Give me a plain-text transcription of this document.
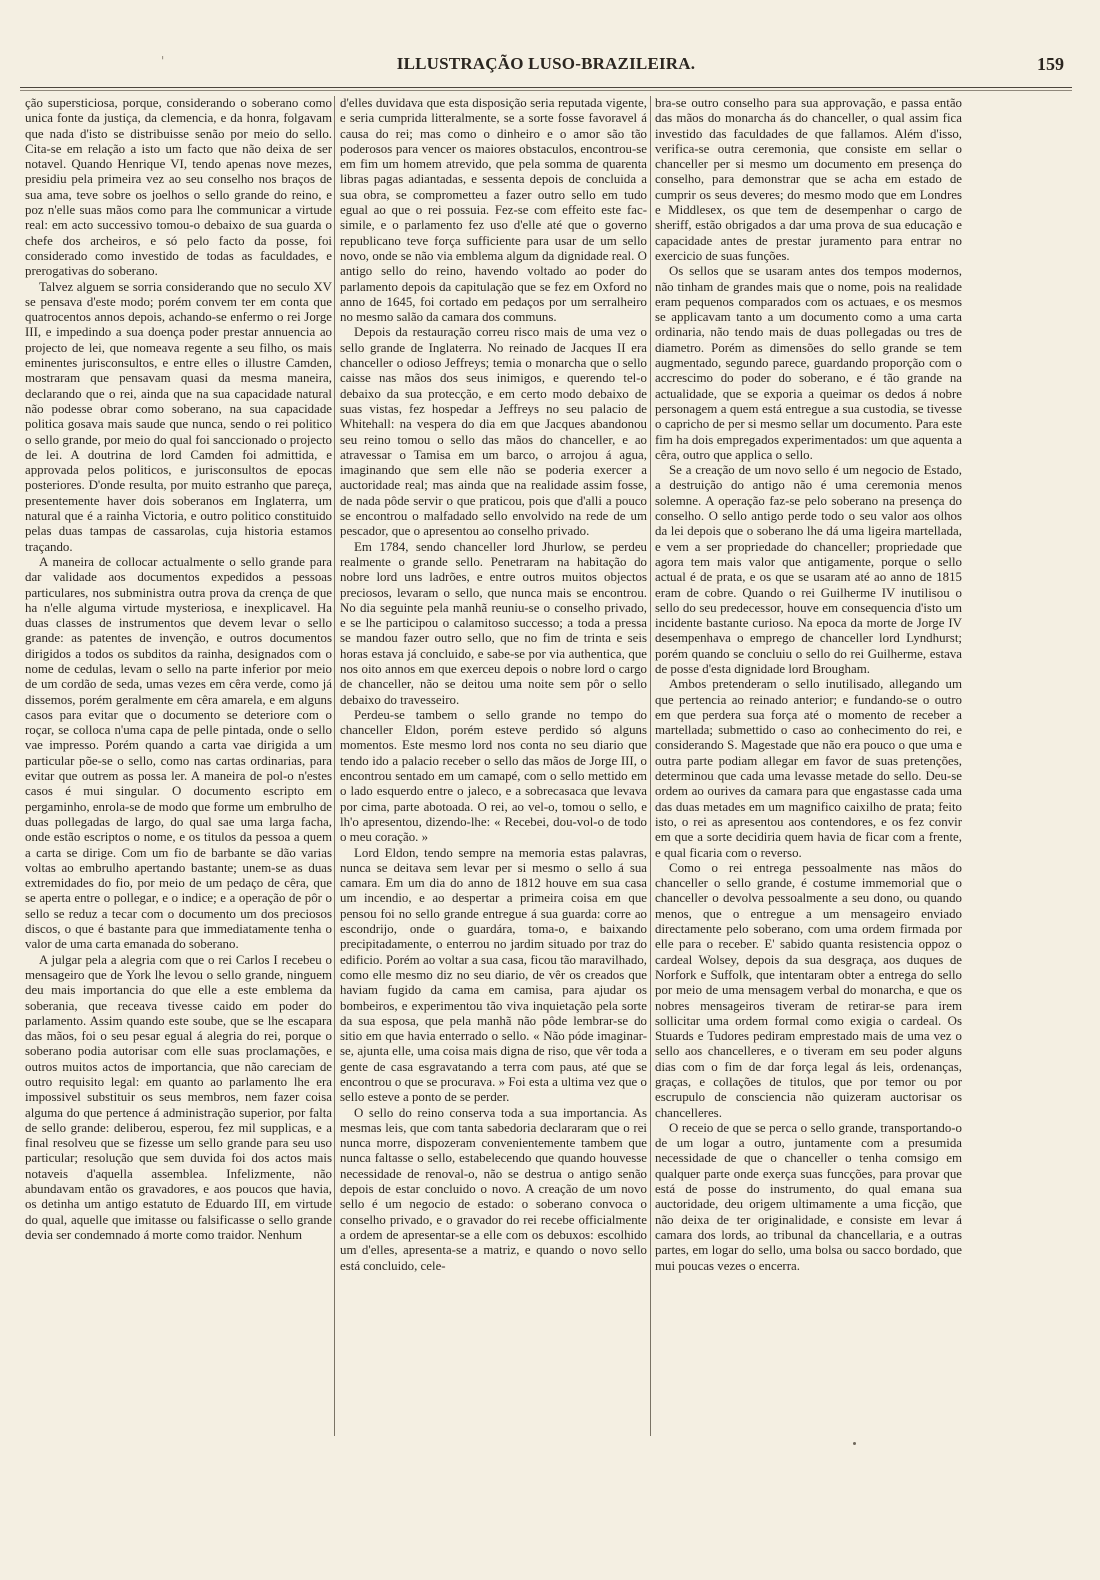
'	ILLUSTRAÇÃO LUSO-BRAZILEIRA.	159

ção supersticiosa, porque, considerando o soberano como unica fonte da justiça, da clemencia, e da honra, folgavam que nada d'isto se distribuisse senão por meio do sello. Cita-se em relação a isto um facto que não deixa de ser notavel. Quando Henrique VI, tendo apenas nove mezes, presidiu pela primeira vez ao seu conselho nos braços de sua ama, teve sobre os joelhos o sello grande do reino, e poz n'elle suas mãos como para lhe communicar a virtude real: em acto successivo tomou-o debaixo de sua guarda o chefe dos archeiros, e só pelo facto da posse, foi considerado como investido de todas as faculdades, e prerogativas do soberano.

Talvez alguem se sorria considerando que no seculo XV se pensava d'este modo; porém convem ter em conta que quatrocentos annos depois, achando-se enfermo o rei Jorge III, e impedindo a sua doença poder prestar annuencia ao projecto de lei, que nomeava regente a seu filho, os mais eminentes jurisconsultos, e entre elles o illustre Camden, mostraram que pensavam quasi da mesma maneira, declarando que o rei, ainda que na sua capacidade natural não podesse obrar como soberano, na sua capacidade politica gosava mais saude que nunca, sendo o rei politico o sello grande, por meio do qual foi sanccionado o projecto de lei. A doutrina de lord Camden foi admittida, e approvada pelos politicos, e jurisconsultos de epocas posteriores. D'onde resulta, por muito estranho que pareça, presentemente haver dois soberanos em Inglaterra, um natural que é a rainha Victoria, e outro politico constituido pelas duas tampas de cassarolas, cuja historia estamos traçando.

A maneira de collocar actualmente o sello grande para dar validade aos documentos expedidos a pessoas particulares, nos subministra outra prova da crença de que ha n'elle alguma virtude mysteriosa, e inexplicavel. Ha duas classes de instrumentos que devem levar o sello grande: as patentes de invenção, e outros documentos dirigidos a todos os subditos da rainha, designados com o nome de cedulas, levam o sello na parte inferior por meio de um cordão de seda, umas vezes em cêra verde, como já dissemos, porém geralmente em cêra amarela, e em alguns casos para evitar que o documento se deteriore com o roçar, se colloca n'uma capa de pelle pintada, onde o sello vae impresso. Porém quando a carta vae dirigida a um particular põe-se o sello, como nas cartas ordinarias, para evitar que outrem as possa ler. A maneira de pol-o n'estes casos é mui singular. O documento escripto em pergaminho, enrola-se de modo que forme um embrulho de duas pollegadas de largo, do qual sae uma larga facha, onde estão escriptos o nome, e os titulos da pessoa a quem a carta se dirige. Com um fio de barbante se dão varias voltas ao embrulho apertando bastante; unem-se as duas extremidades do fio, por meio de um pedaço de cêra, que se aperta entre o pollegar, e o indice; e a operação de pôr o sello se reduz a tecar com o documento um dos preciosos discos, o que é bastante para que immediatamente tenha o valor de uma carta emanada do soberano.

A julgar pela a alegria com que o rei Carlos I recebeu o mensageiro que de York lhe levou o sello grande, ninguem deu mais importancia do que elle a este emblema da soberania, que receava tivesse caido em poder do parlamento. Assim quando este soube, que se lhe escapara das mãos, foi o seu pesar egual á alegria do rei, porque o soberano podia autorisar com elle suas proclamações, e outros muitos actos de importancia, que não careciam de outro requisito legal: em quanto ao parlamento lhe era impossivel substituir os seus membros, nem fazer coisa alguma do que pertence á administração superior, por falta de sello grande: deliberou, esperou, fez mil supplicas, e a final resolveu que se fizesse um sello grande para seu uso particular; resolução que sem duvida foi dos actos mais notaveis d'aquella assemblea. Infelizmente, não abundavam então os gravadores, e aos poucos que havia, os detinha um antigo estatuto de Eduardo III, em virtude do qual, aquelle que imitasse ou falsificasse o sello grande devia ser condemnado á morte como traidor. Nenhum

d'elles duvidava que esta disposição seria reputada vigente, e seria cumprida litteralmente, se a sorte fosse favoravel á causa do rei; mas como o dinheiro e o amor são tão poderosos para vencer os maiores obstaculos, encontrou-se em fim um homem atrevido, que pela somma de quarenta libras pagas adiantadas, e sessenta depois de concluida a sua obra, se comprometteu a fazer outro sello em tudo egual ao que o rei possuia. Fez-se com effeito este fac-simile, e o parlamento fez uso d'elle até que o governo republicano teve força sufficiente para usar de um sello novo, onde se não via emblema algum da dignidade real. O antigo sello do reino, havendo voltado ao poder do parlamento depois da capitulação que se fez em Oxford no anno de 1645, foi cortado em pedaços por um serralheiro no mesmo salão da camara dos communs.

Depois da restauração correu risco mais de uma vez o sello grande de Inglaterra. No reinado de Jacques II era chanceller o odioso Jeffreys; temia o monarcha que o sello caisse nas mãos dos seus inimigos, e querendo tel-o debaixo da sua protecção, e em certo modo debaixo de suas vistas, fez hospedar a Jeffreys no seu palacio de Whitehall: na vespera do dia em que Jacques abandonou seu reino tomou o sello das mãos do chanceller, e ao atravessar o Tamisa em um barco, o arrojou á agua, imaginando que sem elle não se poderia exercer a auctoridade real; mas ainda que na realidade assim fosse, de nada pôde servir o que praticou, pois que d'alli a pouco se encontrou o malfadado sello envolvido na rede de um pescador, que o apresentou ao conselho privado.

Em 1784, sendo chanceller lord Jhurlow, se perdeu realmente o grande sello. Penetraram na habitação do nobre lord uns ladrões, e entre outros muitos objectos preciosos, levaram o sello, que nunca mais se encontrou. No dia seguinte pela manhã reuniu-se o conselho privado, e se lhe participou o calamitoso successo; a toda a pressa se mandou fazer outro sello, que no fim de trinta e seis horas estava já concluido, e sabe-se por via authentica, que nos oito annos em que exerceu depois o nobre lord o cargo de chanceller, não se deitou uma noite sem pôr o sello debaixo do travesseiro.

Perdeu-se tambem o sello grande no tempo do chanceller Eldon, porém esteve perdido só alguns momentos. Este mesmo lord nos conta no seu diario que tendo ido a palacio receber o sello das mãos de Jorge III, o encontrou sentado em um camapé, com o sello mettido em o lado esquerdo entre o jaleco, e a sobrecasaca que levava por cima, parte abotoada. O rei, ao vel-o, tomou o sello, e lh'o apresentou, dizendo-lhe: « Recebei, dou-vol-o de todo o meu coração. »

Lord Eldon, tendo sempre na memoria estas palavras, nunca se deitava sem levar per si mesmo o sello á sua camara. Em um dia do anno de 1812 houve em sua casa um incendio, e ao despertar a primeira coisa em que pensou foi no sello grande entregue á sua guarda: corre ao escondrijo, onde o guardára, toma-o, e baixando precipitadamente, o enterrou no jardim situado por traz do edificio. Porém ao voltar a sua casa, ficou tão maravilhado, como elle mesmo diz no seu diario, de vêr os creados que haviam fugido da cama em camisa, para ajudar os bombeiros, e experimentou tão viva inquietação pela sorte da sua esposa, que pela manhã não pôde lembrar-se do sitio em que havia enterrado o sello. « Não póde imaginar-se, ajunta elle, uma coisa mais digna de riso, que vêr toda a gente de casa esgravatando a terra com paus, até que se encontrou o que se procurava. » Foi esta a ultima vez que o sello esteve a ponto de se perder.

O sello do reino conserva toda a sua importancia. As mesmas leis, que com tanta sabedoria declararam que o rei nunca morre, dispozeram convenientemente tambem que nunca faltasse o sello, estabelecendo que quando houvesse necessidade de renoval-o, não se destrua o antigo senão depois de estar concluido o novo. A creação de um novo sello é um negocio de estado: o soberano convoca o conselho privado, e o gravador do rei recebe officialmente a ordem de apresentar-se a elle com os debuxos: escolhido um d'elles, apresenta-se a matriz, e quando o novo sello está concluido, cele-

bra-se outro conselho para sua approvação, e passa então das mãos do monarcha ás do chanceller, o qual assim fica investido das faculdades de que fallamos. Além d'isso, verifica-se outra ceremonia, que consiste em sellar o chanceller per si mesmo um documento em presença do conselho, para demonstrar que se acha em estado de cumprir os seus deveres; do mesmo modo que em Londres e Middlesex, os que tem de desempenhar o cargo de sheriff, estão obrigados a dar uma prova de sua educação e capacidade antes de prestar juramento para entrar no exercicio de suas funções.

Os sellos que se usaram antes dos tempos modernos, não tinham de grandes mais que o nome, pois na realidade eram pequenos comparados com os actuaes, e os mesmos se applicavam tanto a um documento como a uma carta ordinaria, não tendo mais de duas pollegadas ou tres de diametro. Porém as dimensões do sello grande se tem augmentado, segundo parece, guardando proporção com o accrescimo do poder do soberano, e é tão grande na actualidade, que se exporia a queimar os dedos á nobre personagem a quem está entregue a sua custodia, se tivesse o capricho de per si mesmo sellar um documento. Para este fim ha dois empregados experimentados: um que aquenta a cêra, outro que applica o sello.

Se a creação de um novo sello é um negocio de Estado, a destruição do antigo não é uma ceremonia menos solemne. A operação faz-se pelo soberano na presença do conselho. O sello antigo perde todo o seu valor aos olhos da lei depois que o soberano lhe dá uma ligeira martellada, e vem a ser propriedade do chanceller; propriedade que agora tem mais valor que antigamente, porque o sello actual é de prata, e os que se usaram até ao anno de 1815 eram de cobre. Quando o rei Guilherme IV inutilisou o sello do seu predecessor, houve em consequencia d'isto um incidente bastante curioso. Na epoca da morte de Jorge IV desempenhava o emprego de chanceller lord Lyndhurst; porém quando se concluiu o sello do rei Guilherme, estava de posse d'esta dignidade lord Brougham.

Ambos pretenderam o sello inutilisado, allegando um que pertencia ao reinado anterior; e fundando-se o outro em que perdera sua força até o momento de receber a martellada; submettido o caso ao conhecimento do rei, e considerando S. Magestade que não era pouco o que uma e outra parte podiam allegar em favor de suas pretenções, determinou que cada uma levasse metade do sello. Deu-se ordem ao ourives da camara para que engastasse cada uma das duas metades em um magnifico caixilho de prata; feito isto, o rei as apresentou aos contendores, e os fez convir em que a sorte decidiria quem havia de ficar com a frente, e qual ficaria com o reverso.

Como o rei entrega pessoalmente nas mãos do chanceller o sello grande, é costume immemorial que o chanceller o devolva pessoalmente a seu dono, ou quando menos, que o entregue a um mensageiro enviado directamente pelo soberano, com uma ordem firmada por elle para o receber. E' sabido quanta resistencia oppoz o cardeal Wolsey, depois da sua desgraça, aos duques de Norfork e Suffolk, que intentaram obter a entrega do sello por meio de uma mensagem verbal do monarcha, e que os nobres mensageiros tiveram de retirar-se para irem sollicitar uma ordem formal como exigia o cardeal. Os Stuards e Tudores pediram emprestado mais de uma vez o sello aos chancelleres, e o tiveram em seu poder alguns dias com o fim de dar força legal ás leis, ordenanças, graças, e collações de titulos, que por temor ou por escrupulo de consciencia não quizeram auctorisar os chancelleres.

O receio de que se perca o sello grande, transportando-o de um logar a outro, juntamente com a presumida necessidade de que o chanceller o tenha comsigo em qualquer parte onde exerça suas funcções, para provar que está de posse do instrumento, do qual emana sua auctoridade, deu origem ultimamente a uma ficção, que não deixa de ter originalidade, e consiste em levar á camara dos lords, ao tribunal da chancellaria, e a outras partes, em logar do sello, uma bolsa ou sacco bordado, que mui poucas vezes o encerra.
